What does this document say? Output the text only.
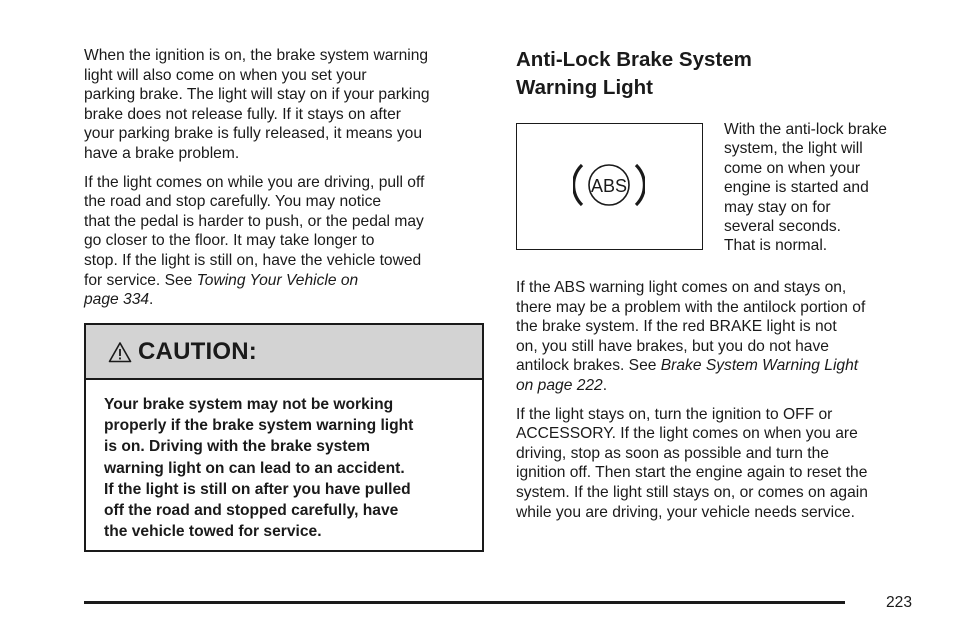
When the ignition is on, the brake system warning
light will also come on when you set your
parking brake. The light will stay on if your parking
brake does not release fully. If it stays on after
your parking brake is fully released, it means you
have a brake problem.

If the light comes on while you are driving, pull off
the road and stop carefully. You may notice
that the pedal is harder to push, or the pedal may
go closer to the floor. It may take longer to
stop. If the light is still on, have the vehicle towed
for service. See Towing Your Vehicle on
page 334.

CAUTION:
Your brake system may not be working
properly if the brake system warning light
is on. Driving with the brake system
warning light on can lead to an accident.
If the light is still on after you have pulled
off the road and stopped carefully, have
the vehicle towed for service.
Anti-Lock Brake System
Warning Light
ABS
With the anti-lock brake
system, the light will
come on when your
engine is started and
may stay on for
several seconds.
That is normal.

If the ABS warning light comes on and stays on,
there may be a problem with the antilock portion of
the brake system. If the red BRAKE light is not
on, you still have brakes, but you do not have
antilock brakes. See Brake System Warning Light
on page 222.

If the light stays on, turn the ignition to OFF or
ACCESSORY. If the light comes on when you are
driving, stop as soon as possible and turn the
ignition off. Then start the engine again to reset the
system. If the light still stays on, or comes on again
while you are driving, your vehicle needs service.

223
